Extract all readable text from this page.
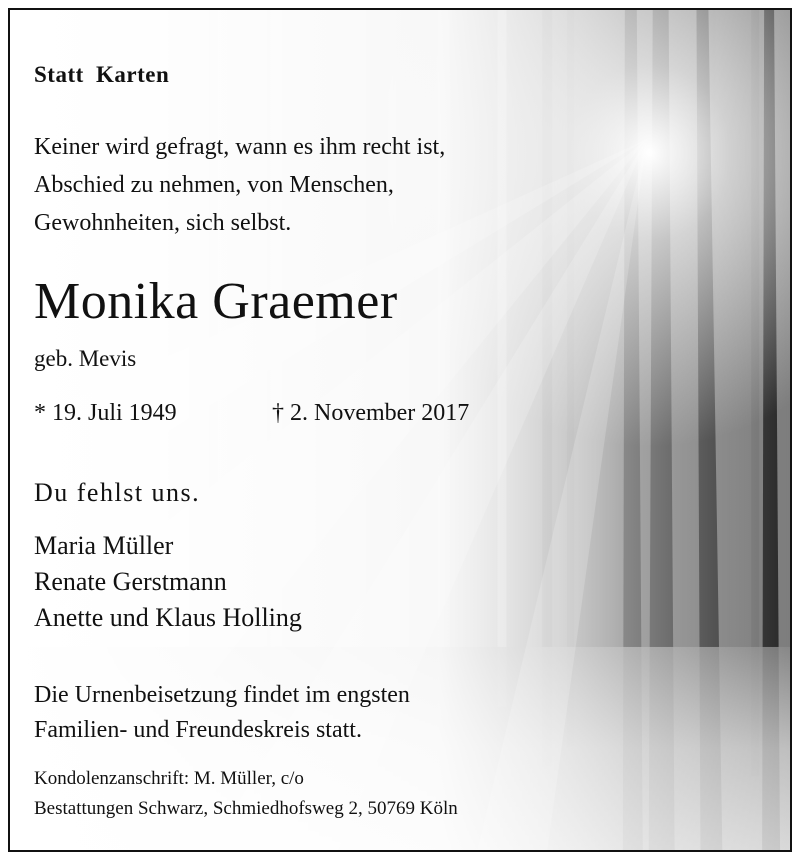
Statt Karten
Keiner wird gefragt, wann es ihm recht ist,
Abschied zu nehmen, von Menschen,
Gewohnheiten, sich selbst.
Monika Graemer
geb. Mevis
* 19. Juli 1949	† 2. November 2017
Du fehlst uns.
Maria Müller
Renate Gerstmann
Anette und Klaus Holling
Die Urnenbeisetzung findet im engsten
Familien- und Freundeskreis statt.
Kondolenzanschrift: M. Müller, c/o
Bestattungen Schwarz, Schmiedhofsweg 2, 50769 Köln
